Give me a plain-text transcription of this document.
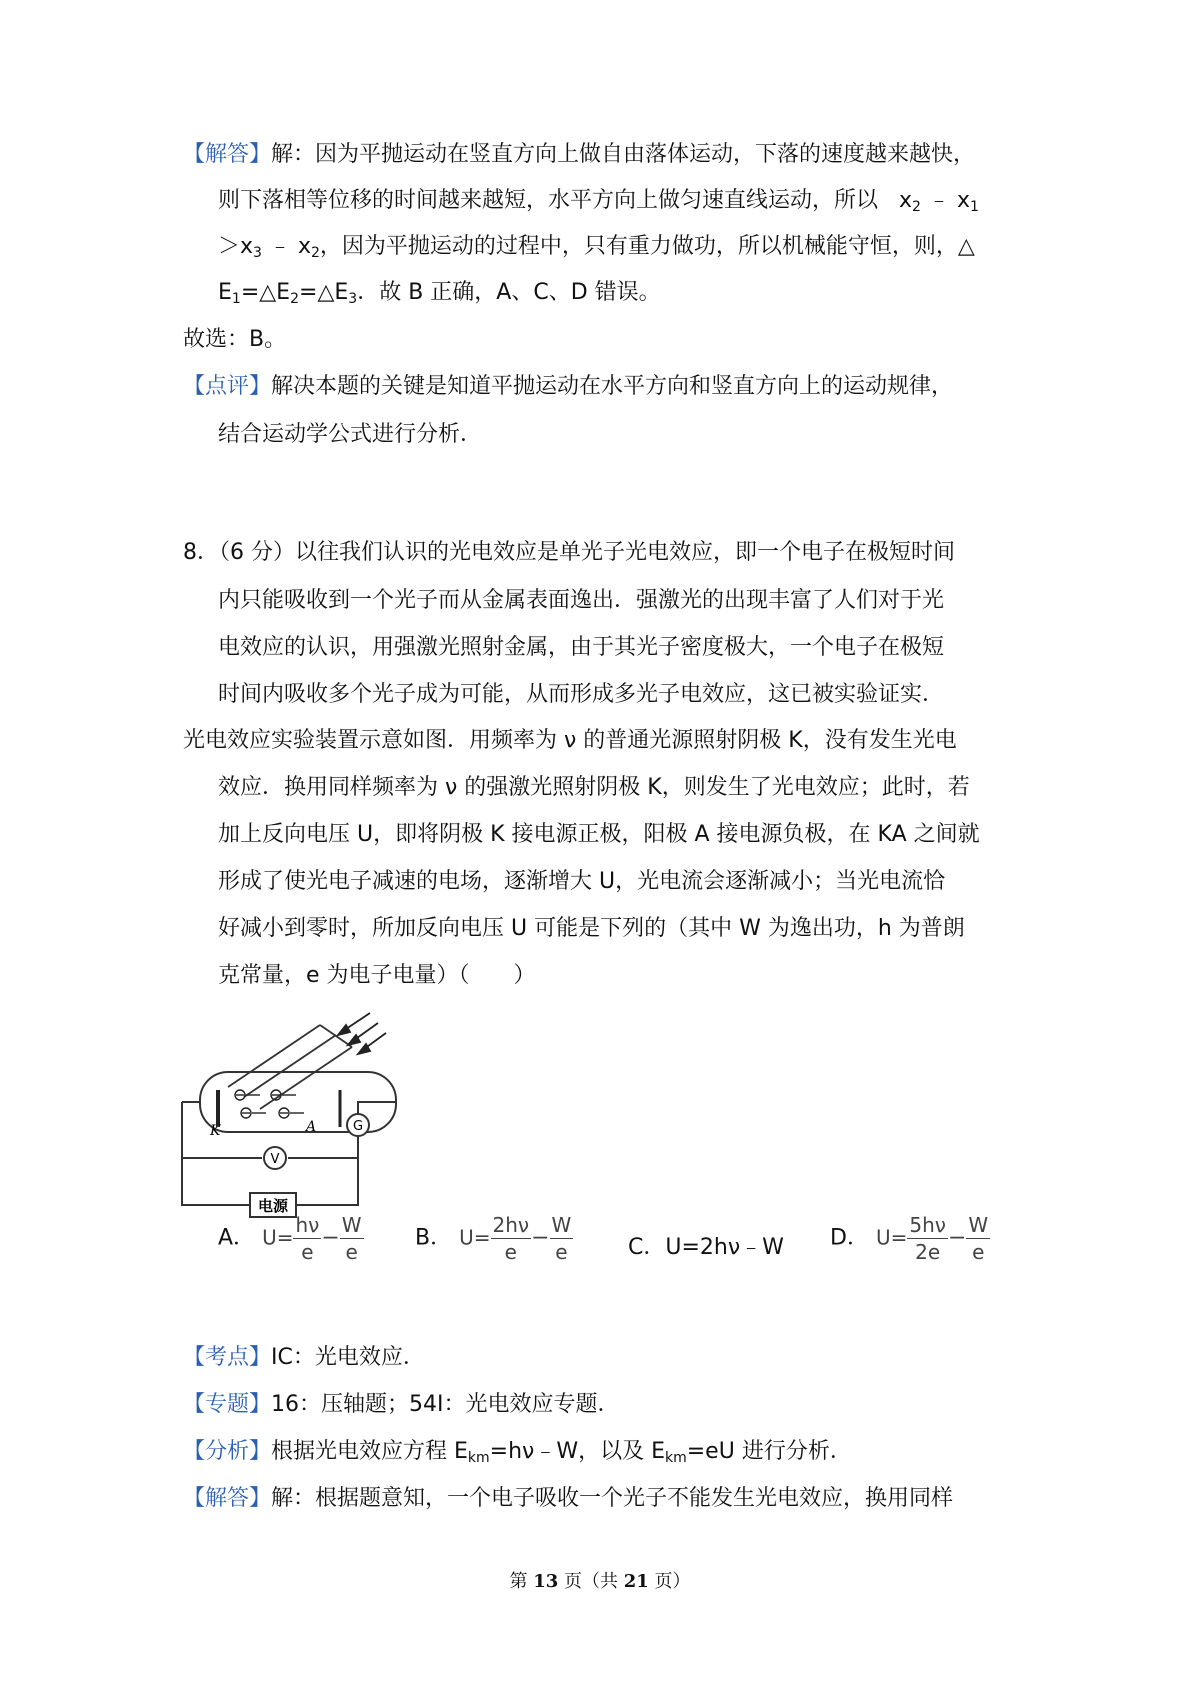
【解答】解：因为平抛运动在竖直方向上做自由落体运动，下落的速度越来越快，
则下落相等位移的时间越来越短，水平方向上做匀速直线运动，所以 $x_2$ ﹣ $x_1$
$>x_3$ ﹣ $x_2$，因为平抛运动的过程中，只有重力做功，所以机械能守恒，则，△
$E_1=\triangle E_2=\triangle E_3$．故 B 正确，A、C、D 错误。
故选：B。
【点评】解决本题的关键是知道平抛运动在水平方向和竖直方向上的运动规律，
结合运动学公式进行分析．
8．（6 分）以往我们认识的光电效应是单光子光电效应，即一个电子在极短时间
内只能吸收到一个光子而从金属表面逸出．强激光的出现丰富了人们对于光
电效应的认识，用强激光照射金属，由于其光子密度极大，一个电子在极短
时间内吸收多个光子成为可能，从而形成多光子电效应，这已被实验证实．
光电效应实验装置示意如图．用频率为 ν 的普通光源照射阴极 K，没有发生光电
效应．换用同样频率为 ν 的强激光照射阴极 K，则发生了光电效应；此时，若
加上反向电压 U，即将阴极 K 接电源正极，阳极 A 接电源负极，在 KA 之间就
形成了使光电子减速的电场，逐渐增大 U，光电流会逐渐减小；当光电流恰
好减小到零时，所加反向电压 U 可能是下列的（其中 W 为逸出功，h 为普朗
克常量，e 为电子电量）（　　）
K	A	G
V
电源
A． $U= \frac{h\nu}{e} - \frac{W}{e}$ B． $U= \frac{2h\nu}{e} - \frac{W}{e}$ C．U=2hν﹣W D． $U= \frac{5h\nu}{2e} - \frac{W}{e}$
【考点】IC：光电效应．
【专题】16：压轴题；54I：光电效应专题．
【分析】根据光电效应方程 $E_{km}=h\nu﹣W$，以及 $E_{km}=eU$ 进行分析．
【解答】解：根据题意知，一个电子吸收一个光子不能发生光电效应，换用同样
第 13 页（共 21 页）
